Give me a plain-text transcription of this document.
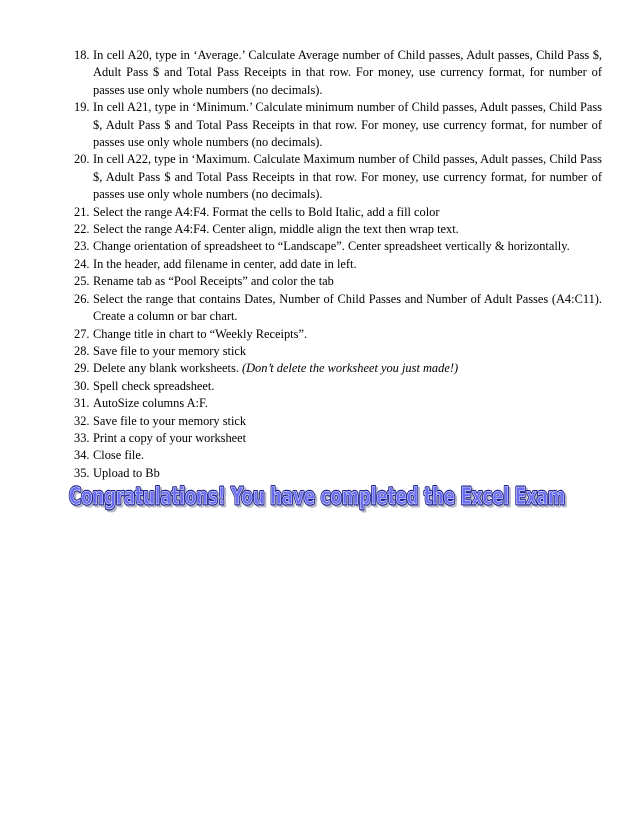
18. In cell A20, type in ‘Average.’ Calculate Average number of Child passes, Adult passes, Child Pass $, Adult Pass $ and Total Pass Receipts in that row. For money, use currency format, for number of passes use only whole numbers (no decimals).
19. In cell A21, type in ‘Minimum.’ Calculate minimum number of Child passes, Adult passes, Child Pass $, Adult Pass $ and Total Pass Receipts in that row. For money, use currency format, for number of passes use only whole numbers (no decimals).
20. In cell A22, type in ‘Maximum. Calculate Maximum number of Child passes, Adult passes, Child Pass $, Adult Pass $ and Total Pass Receipts in that row. For money, use currency format, for number of passes use only whole numbers (no decimals).
21. Select the range A4:F4. Format the cells to Bold Italic, add a fill color
22. Select the range A4:F4. Center align, middle align the text then wrap text.
23. Change orientation of spreadsheet to “Landscape”. Center spreadsheet vertically & horizontally.
24. In the header, add filename in center, add date in left.
25. Rename tab as “Pool Receipts” and color the tab
26. Select the range that contains Dates, Number of Child Passes and Number of Adult Passes (A4:C11). Create a column or bar chart.
27. Change title in chart to “Weekly Receipts”.
28. Save file to your memory stick
29. Delete any blank worksheets. (Don’t delete the worksheet you just made!)
30. Spell check spreadsheet.
31. AutoSize columns A:F.
32. Save file to your memory stick
33. Print a copy of your worksheet
34. Close file.
35. Upload to Bb
Congratulations! You have completed the Excel Exam
Congratulations! You have completed the Excel Exam
Congratulations! You have completed the Excel Exam
